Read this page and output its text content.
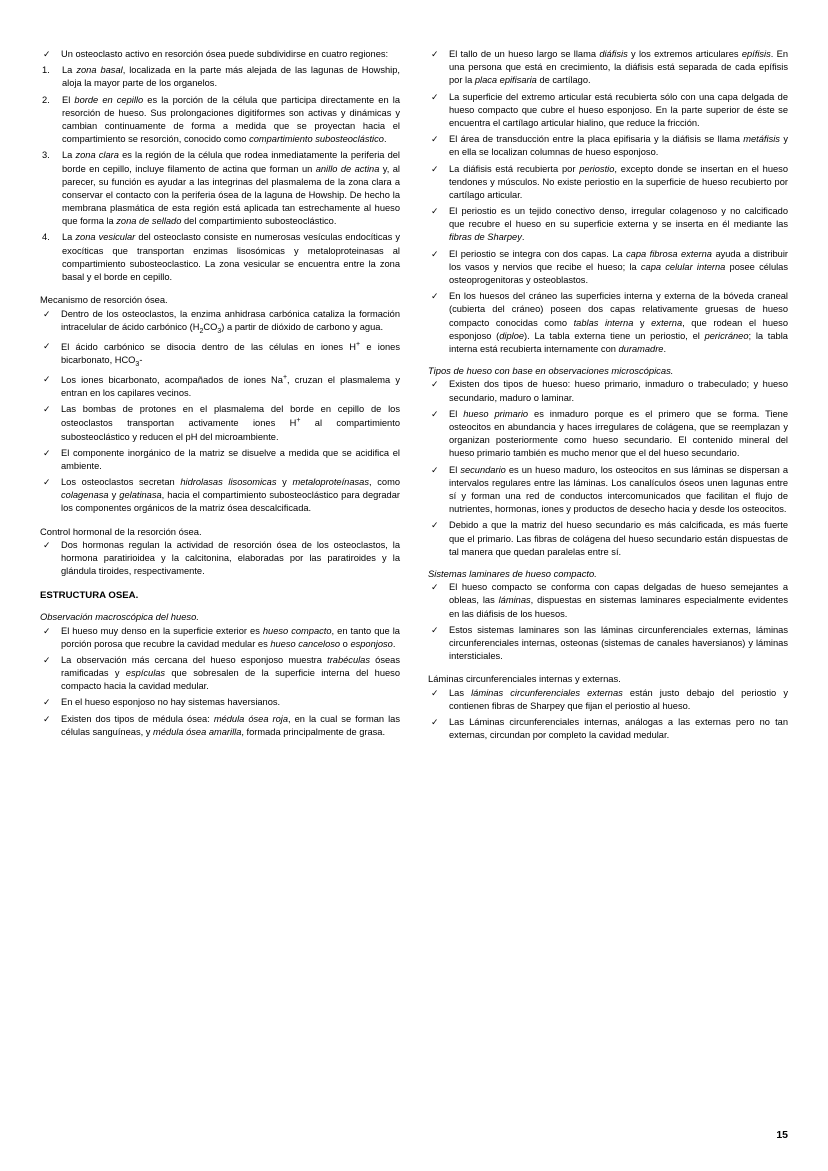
✓	Un osteoclasto activo en resorción ósea puede subdividirse en cuatro regiones:
1.	La zona basal, localizada en la parte más alejada de las lagunas de Howship, aloja la mayor parte de los organelos.
2.	El borde en cepillo es la porción de la célula que participa directamente en la resorción de hueso. Sus prolongaciones digitiformes son activas y dinámicas y cambian continuamente de forma a medida que se proyectan hacia el compartimiento se resorción, conocido como compartimiento subosteoclástico.
3.	La zona clara es la región de la célula que rodea inmediatamente la periferia del borde en cepillo, incluye filamento de actina que forman un anillo de actina y, al parecer, su función es ayudar a las integrinas del plasmalema de la zona clara a conservar el contacto con la periferia ósea de la laguna de Howship. De hecho la membrana plasmática de esta región está aplicada tan estrechamente al hueso que forma la zona de sellado del compartimiento subosteoclástico.
4.	La zona vesicular del osteoclasto consiste en numerosas vesículas endocíticas y exocíticas que transportan enzimas lisosómicas y metaloproteinasas al compartimiento subosteoclastico. La zona vesicular se encuentra entre la zona basal y el borde en cepillo.
Mecanismo de resorción ósea.
✓	Dentro de los osteoclastos, la enzima anhidrasa carbónica cataliza la formación intracelular de ácido carbónico $(H_2CO_3)$ a partir de dióxido de carbono y agua.
✓	El ácido carbónico se disocia dentro de las células en iones H+ e iones bicarbonato, $HCO_3-$
✓	Los iones bicarbonato, acompañados de iones Na+, cruzan el plasmalema y entran en los capilares vecinos.
✓	Las bombas de protones en el plasmalema del borde en cepillo de los osteoclastos transportan activamente iones H+ al compartimiento subosteoclástico y reducen el pH del microambiente.
✓	El componente inorgánico de la matriz se disuelve a medida que se acidifica el ambiente.
✓	Los osteoclastos secretan hidrolasas lisosomicas y metaloproteínasas, como colagenasa y gelatinasa, hacia el compartimiento subosteoclástico para degradar los componentes orgánicos de la matriz ósea descalcificada.
Control hormonal de la resorción ósea.
✓	Dos hormonas regulan la actividad de resorción ósea de los osteoclastos, la hormona paratirioidea y la calcitonina, elaboradas por las paratiroides y la glándula tiroides, respectivamente.
ESTRUCTURA OSEA.
Observación macroscópica del hueso.
✓	El hueso muy denso en la superficie exterior es hueso compacto, en tanto que la porción porosa que recubre la cavidad medular es hueso canceloso o esponjoso.
✓	La observación más cercana del hueso esponjoso muestra trabéculas óseas ramificadas y espículas que sobresalen de la superficie interna del hueso compacto hacia la cavidad medular.
✓	En el hueso esponjoso no hay sistemas haversianos.
✓	Existen dos tipos de médula ósea: médula ósea roja, en la cual se forman las células sanguíneas, y médula ósea amarilla, formada principalmente de grasa.
✓	El tallo de un hueso largo se llama diáfisis y los extremos articulares epífisis. En una persona que está en crecimiento, la diáfisis está separada de cada epífisis por la placa epifisaria de cartílago.
✓	La superficie del extremo articular está recubierta sólo con una capa delgada de hueso compacto que cubre el hueso esponjoso. En la parte superior de éste se encuentra el cartílago articular hialino, que reduce la fricción.
✓	El área de transducción entre la placa epifisaria y la diáfisis se llama metáfisis y en ella se localizan columnas de hueso esponjoso.
✓	La diáfisis está recubierta por periostio, excepto donde se insertan en el hueso tendones y músculos. No existe periostio en la superficie de hueso recubierto por cartílago articular.
✓	El periostio es un tejido conectivo denso, irregular colagenoso y no calcificado que recubre el hueso en su superficie externa y se inserta en él mediante las fibras de Sharpey.
✓	El periostio se integra con dos capas. La capa fibrosa externa ayuda a distribuir los vasos y nervios que recibe el hueso; la capa celular interna posee células osteoprogenitoras y osteoblastos.
✓	En los huesos del cráneo las superficies interna y externa de la bóveda craneal (cubierta del cráneo) poseen dos capas relativamente gruesas de hueso compacto conocidas como tablas interna y externa, que rodean el hueso esponjoso (diploe). La tabla externa tiene un periostio, el pericráneo; la tabla interna está recubierta internamente con duramadre.
Tipos de hueso con base en observaciones microscópicas.
✓	Existen dos tipos de hueso: hueso primario, inmaduro o trabeculado; y hueso secundario, maduro o laminar.
✓	El hueso primario es inmaduro porque es el primero que se forma. Tiene osteocitos en abundancia y haces irregulares de colágena, que se reemplazan y organizan posteriormente como hueso secundario. El contenido mineral del hueso primario también es mucho menor que el del hueso secundario.
✓	El secundario es un hueso maduro, los osteocitos en sus láminas se dispersan a intervalos regulares entre las láminas. Los canalículos óseos unen lagunas entre sí y forman una red de conductos intercomunicados que facilitan el flujo de nutrientes, hormonas, iones y productos de desecho hacia y desde los osteocitos.
✓	Debido a que la matriz del hueso secundario es más calcificada, es más fuerte que el primario. Las fibras de colágena del hueso secundario están dispuestas de tal manera que quedan paralelas entre sí.
Sistemas laminares de hueso compacto.
✓	El hueso compacto se conforma con capas delgadas de hueso semejantes a obleas, las láminas, dispuestas en sistemas laminares especialmente evidentes en las diáfisis de los huesos.
✓	Estos sistemas laminares son las láminas circunferenciales externas, láminas circunferenciales internas, osteonas (sistemas de canales haversianos) y láminas intersticiales.
Láminas circunferenciales internas y externas.
✓	Las láminas circunferenciales externas están justo debajo del periostio y contienen fibras de Sharpey que fijan el periostio al hueso.
✓	Las Láminas circunferenciales internas, análogas a las externas pero no tan externas, circundan por completo la cavidad medular.
15
